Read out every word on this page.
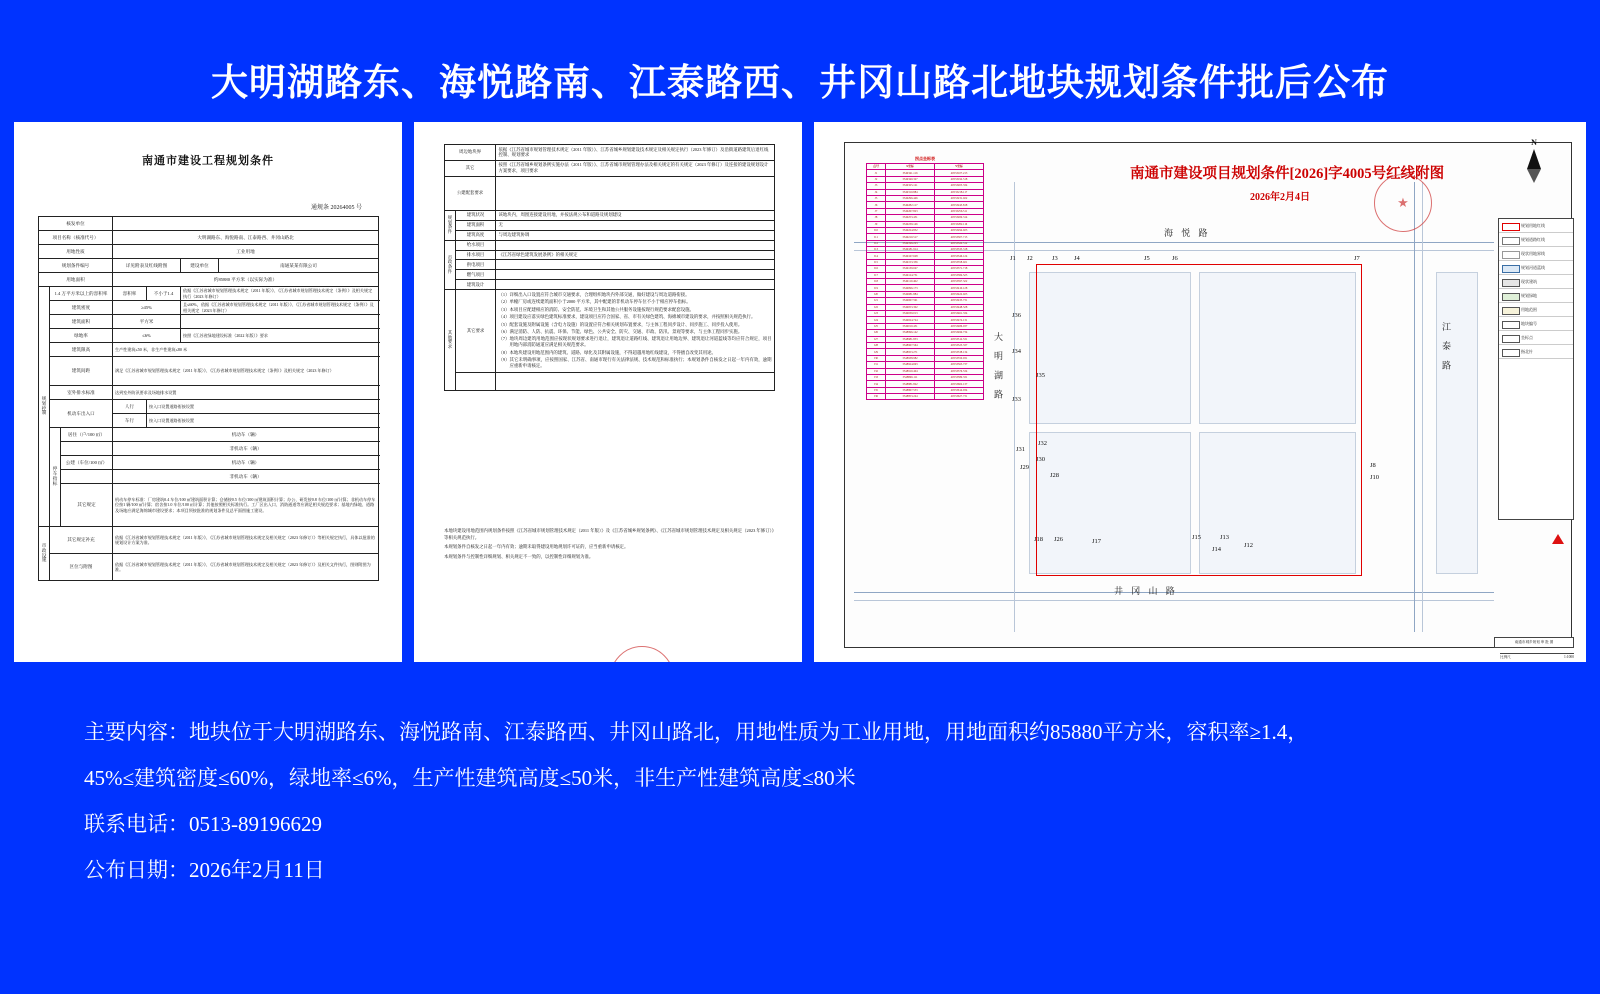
大明湖路东、海悦路南、江泰路西、井冈山路北地块规划条件批后公布
南通市建设工程规划条件
通规条 20264005 号
核发单位						
项目名称（核准代号）			大明湖路东、海悦路南、江泰路西、井冈山路北			
用地性质			工业用地			
规划条件编号			详见附表及红线附图		建设单位	南通某某有限公司
用地面积			约85880 平方米（以实际为准）			
规划控制	1.4 万平方米以上的容积率		容积率	不小于1.4	依据《江苏省城市规划管理技术规定（2011 年版）》、《江苏省城市规划管理技术规定（条例）》及相关规定执行（2023 年修订）	
	建筑密度		≥45%		且≤60%，依据《江苏省城市规划管理技术规定（2011 年版）》、《江苏省城市规划管理技术规定（条例）》及相关规定（2023 年修订）	
	建筑面积		平方米			
	绿地率		≤6%		按照《江苏省绿地建设标准（2022 年版）》要求	
	建筑限高		生产性建筑≤50 米，非生产性建筑≤80 米			
	建筑间距		满足《江苏省城市规划管理技术规定（2011 年版）》、《江苏省城市规划管理技术规定（条例）》及相关规定（2023 年修订）			
	室外排水标准		达到室外防汛要求及场地排水设置			
	机动车出入口		人行	按入口设置道路衔接设置		
			车行	按入口设置道路衔接设置		
	停车指标	居住（户/100 ㎡）	机动车（辆）			
			非机动车（辆）			
		公建（车位/100 ㎡）	机动车（辆）			
			非机动车（辆）			
		其它规定	机动车停车标准：厂房建筑0.4 车位/100 ㎡建筑面积计算；仓储按0.5 车位/100 ㎡建筑面积计算；办公、研发按0.8 车位/100 ㎡计算；非机动车停车位按1 辆/100 ㎡计算；宿舍按1.0 车位/100 ㎡计算；其他按照相关标准执行。工厂区出入口、消防通道等应满足相关规范要求；基地内绿地、道路及场地应满足海绵城市建设要求；本项目须按批准的规划条件及总平面图施工建设。			
市政设施	其它规定补充		依据《江苏省城市规划管理技术规定（2011 年版）》、《江苏省城市规划管理技术规定及相关规定（2023 年修订）》等相关规定执行，具体以批准的规划设计方案为准。			
	区位与附图		依据《江苏省城市规划管理技术规定（2011 年版）》、《江苏省城市规划管理技术规定及相关规定（2023 年修订）》及相关文件执行，图则附图为准。			
周边地块界		依据《江苏省城市规划管理技术规定（2011 年版）》、江苏省城乡规划建设技术规定及相关规定执行（2023 年修订）及沿街道路建筑后退红线控制、规划要求
其它		按照《江苏省城乡规划条例实施办法（2011 年版）》、江苏省城市规划管理办法及相关规定的有关规定（2023 年修订）及连接的建设规划设计方案要求，项目要求
公建配套要求		
规划条件	建筑状况	该地块内，周围连接建设用地，并按法规公布和道路及规划建设
	建筑面积	无
	建筑高度	与周边建筑协调
市政条件	给水项目	
	排水项目	《江苏省绿色建筑发展条例》的相关规定
	供电项目	
	燃气项目	
	建筑设计	
其他要求	其它要求	
（1） 详细出入口设置应符合城市交通要求，合理组织地块内外部交通，做好建设与周边道路衔接。
（2） 单幢厂房或连续建筑面积小于2000 平方米，其中配建的非机动车停车位不小于相应停车指标。
（3） 本项目应配建相应的消防、安全防范、环境卫生和其他公共服务设施按现行规范要求配套设施。
（4） 项目建设应落实绿色建筑标准要求，建设项目应符合国家、省、市有关绿色建筑、海绵城市建设的要求，并按照相关规范执行。
（5） 配套设施及附属设施（含电力设施）的设置应符合相关规划布置要求，与主体工程同步设计、同步施工、同步投入使用。
（6） 满足消防、人防、抗震、环保、节能、绿色、公共安全、防灾、交通、市政、防汛、景观等要求，与主体工程同步实施。
（7） 地块周边建筑用地范围应按现状规划要求进行退让，建筑退让道路红线、建筑退让用地边界、建筑退让河道蓝线等均应符合规定，项目用地内部消防通道应满足相关规范要求。
（8） 本地块建设用地范围内的建筑、道路、绿化及其附属设施，不得超越用地红线建设，不得擅自改变其用途。
（9） 其它未明确事项，应按照国家、江苏省、南通市现行有关法律法规、技术规范和标准执行；本规划条件自核发之日起一年内有效，逾期应重新申请核定。

本地块建设用地范围内规划条件按照《江苏省城市规划管理技术规定（2011 年版）》及《江苏省城乡规划条例》、《江苏省城市规划管理技术规定及相关规定（2023 年修订）》等相关规范执行。

本规划条件自核发之日起一年内有效；逾期未取得建设用地规划许可证的，应当重新申请核定。

本规划条件与控制性详细规划、相关规定不一致的，以控制性详细规划为准。

海 悦 路
井 冈 山 路
江 泰 路
大 明 湖 路
J1 J2	J3 J4	J5	J6	J7
J8
J10
J12
J13
J14
J15
J17
J18 J26
J28
J29
J30
J31
J32
J33
J34
J35
J36
南通市建设项目规划条件[2026]字4005号红线附图
2026年2月4日	★
拐点坐标表
点号	X坐标	Y坐标
J1	3549341.116	40533107.213
J2	3549340.327	40533192.518
J3	3549325.121	40533205.334
J4	3549310.884	40533218.117
J5	3549296.446	40533231.022
J6	3549282.117	40533243.818
J7	3549267.823	40533256.511
J8	3549253.431	40533269.314
J9	3549239.146	40533282.116
J10	3549224.852	40533294.923
J11	3549210.517	40533307.715
J12	3549196.223	40533320.512
J13	3549181.914	40533333.318
J14	3549167.628	40533346.124
J15	3549153.336	40533358.921
J16	3549139.047	40533371.718
J17	3549124.751	40533384.525
J18	3549110.462	40533397.322
J19	3549096.173	40533410.128
J20	3549081.884	40533422.925
J21	3549067.591	40533435.731
J22	3549053.302	40533448.528
J23	3549039.013	40533461.334
J24	3549024.724	40533474.131
J25	3549010.431	40533486.937
J26	3548996.142	40533499.734
J27	3548981.853	40533512.531
J28	3548967.564	40533525.337
J29	3548953.271	40533538.134
J30	3548938.982	40533550.931
J31	3548924.693	40533563.737
J32	3548910.404	40533576.534
J33	3548896.111	40533589.331
J34	3548881.822	40533602.137
J35	3548867.533	40533614.934
J36	3548853.244	40533627.731
规划用地红线
规划道路红线
现状用地界线
规划河道蓝线
现状建筑
规划绿地
用地范围
地块编号
坐标点
指北针
N
南通市城乡规划 审 批 图
比例尺	1:1000

主要内容：地块位于大明湖路东、海悦路南、江泰路西、井冈山路北，用地性质为工业用地，用地面积约85880平方米，容积率≥1.4，

45%≤建筑密度≤60%，绿地率≤6%，生产性建筑高度≤50米，非生产性建筑高度≤80米

联系电话：0513-89196629

公布日期：2026年2月11日
